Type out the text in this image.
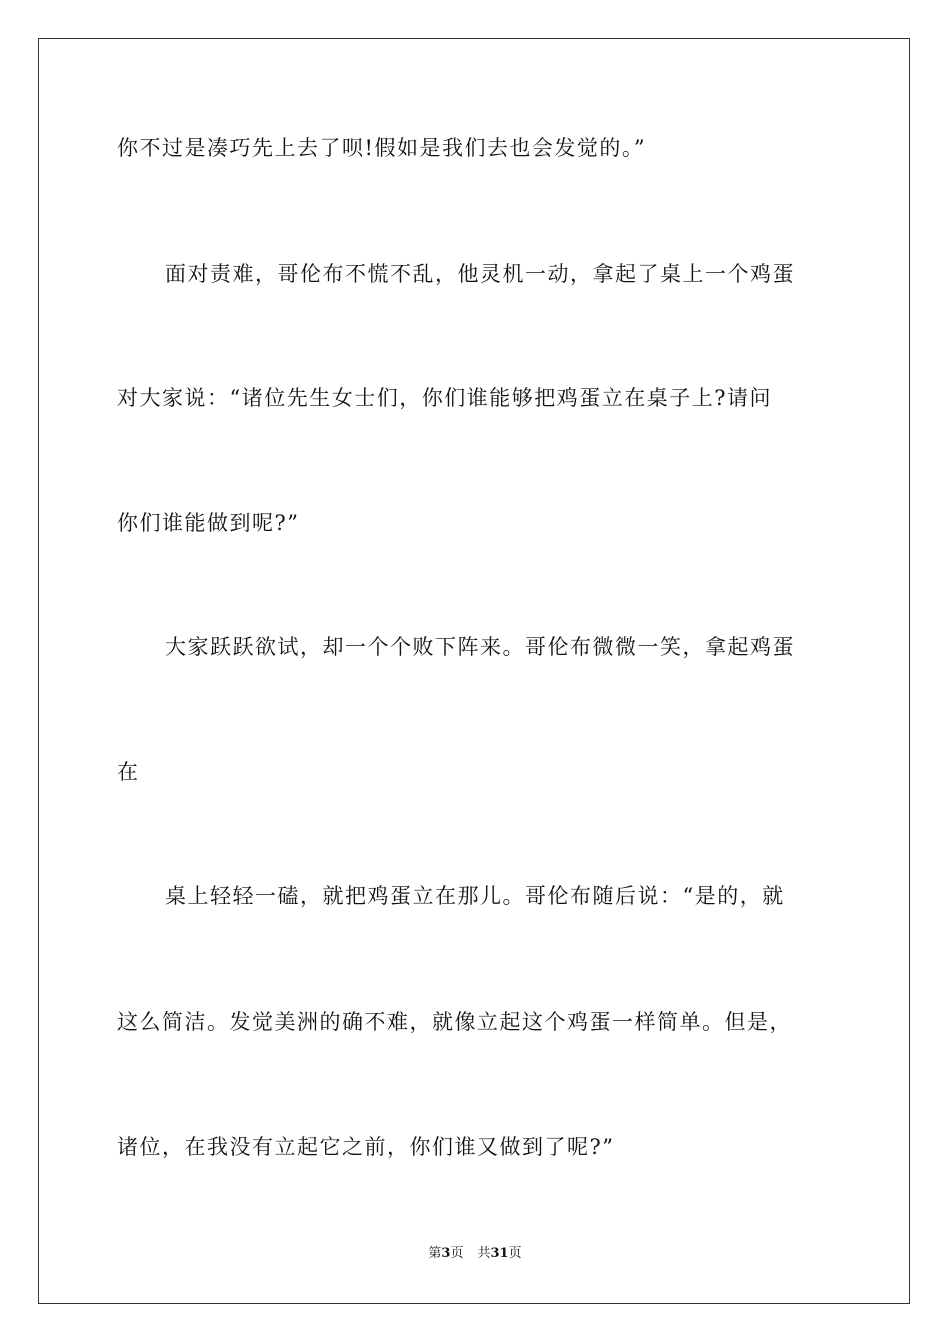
你不过是凑巧先上去了呗!假如是我们去也会发觉的。”
面对责难，哥伦布不慌不乱，他灵机一动，拿起了桌上一个鸡蛋
对大家说：“诸位先生女士们，你们谁能够把鸡蛋立在桌子上?请问
你们谁能做到呢?”
大家跃跃欲试，却一个个败下阵来。哥伦布微微一笑，拿起鸡蛋
在
桌上轻轻一磕，就把鸡蛋立在那儿。哥伦布随后说：“是的，就
这么简洁。发觉美洲的确不难，就像立起这个鸡蛋一样简单。但是，
诸位，在我没有立起它之前，你们谁又做到了呢?”
第3页 共31页
